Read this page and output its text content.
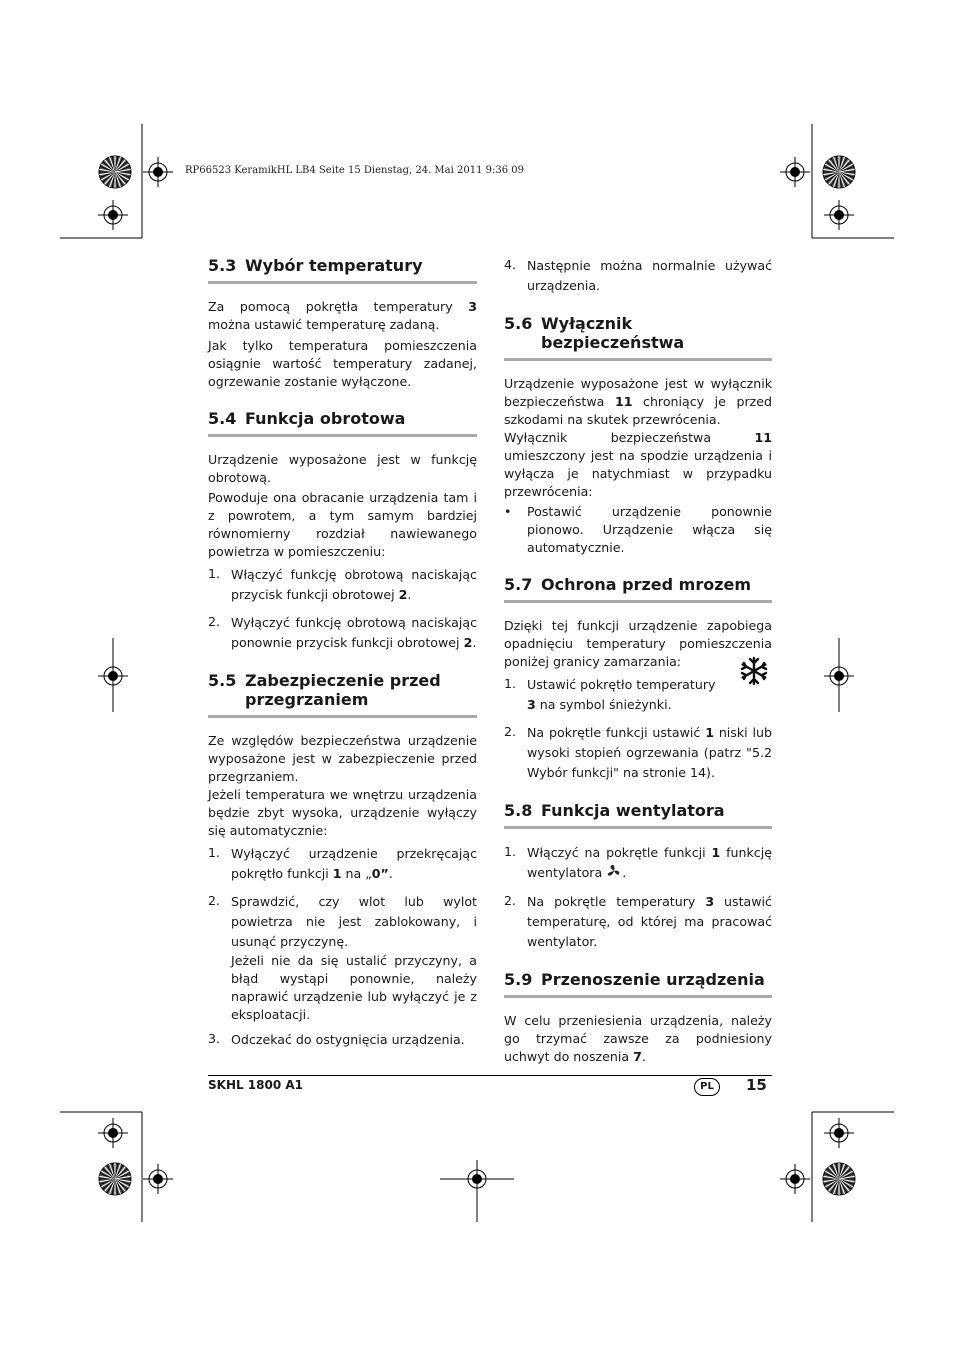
RP66523 KeramikHL LB4 Seite 15 Dienstag, 24. Mai 2011 9:36 09
5.3 Wybór temperatury

Za pomocą pokrętła temperatury 3 można ustawić temperaturę zadaną.

Jak tylko temperatura pomieszczenia osiągnie wartość temperatury zadanej, ogrzewanie zostanie wyłączone.

5.4 Funkcja obrotowa

Urządzenie wyposażone jest w funkcję obrotową.

Powoduje ona obracanie urządzenia tam i z powrotem, a tym samym bardziej równomierny rozdział nawiewanego powietrza w pomieszczeniu:

1. Włączyć funkcję obrotową naciskając przycisk funkcji obrotowej 2.
2. Wyłączyć funkcję obrotową naciskając ponownie przycisk funkcji obrotowej 2.
5.5 Zabezpieczenie przed przegrzaniem

Ze względów bezpieczeństwa urządzenie wyposażone jest w zabezpieczenie przed przegrzaniem.

Jeżeli temperatura we wnętrzu urządzenia będzie zbyt wysoka, urządzenie wyłączy się automatycznie:

1. Wyłączyć urządzenie przekręcając pokrętło funkcji 1 na „0”.
2. Sprawdzić, czy wlot lub wylot powietrza nie jest zablokowany, i usunąć przyczynę.

Jeżeli nie da się ustalić przyczyny, a błąd wystąpi ponownie, należy naprawić urządzenie lub wyłączyć je z eksploatacji.

3. Odczekać do ostygnięcia urządzenia.
4. Następnie można normalnie używać urządzenia.
5.6 Wyłącznik bezpieczeństwa

Urządzenie wyposażone jest w wyłącznik bezpieczeństwa 11 chroniący je przed szkodami na skutek przewrócenia.

Wyłącznik bezpieczeństwa 11 umieszczony jest na spodzie urządzenia i wyłącza je natychmiast w przypadku przewrócenia:

•	Postawić urządzenie ponownie pionowo. Urządzenie włącza się automatycznie.
5.7 Ochrona przed mrozem

Dzięki tej funkcji urządzenie zapobiega opadnięciu temperatury pomieszczenia poniżej granicy zamarzania:

1. Ustawić pokrętło temperatury 3 na symbol śnieżynki.
2. Na pokrętle funkcji ustawić 1 niski lub wysoki stopień ogrzewania (patrz "5.2 Wybór funkcji" na stronie 14).
5.8 Funkcja wentylatora
1. Włączyć na pokrętle funkcji 1 funkcję wentylatora .
2. Na pokrętle temperatury 3 ustawić temperaturę, od której ma pracować wentylator.
5.9 Przenoszenie urządzenia

W celu przeniesienia urządzenia, należy go trzymać zawsze za podniesiony uchwyt do noszenia 7.

SKHL 1800 A1	PL	15
